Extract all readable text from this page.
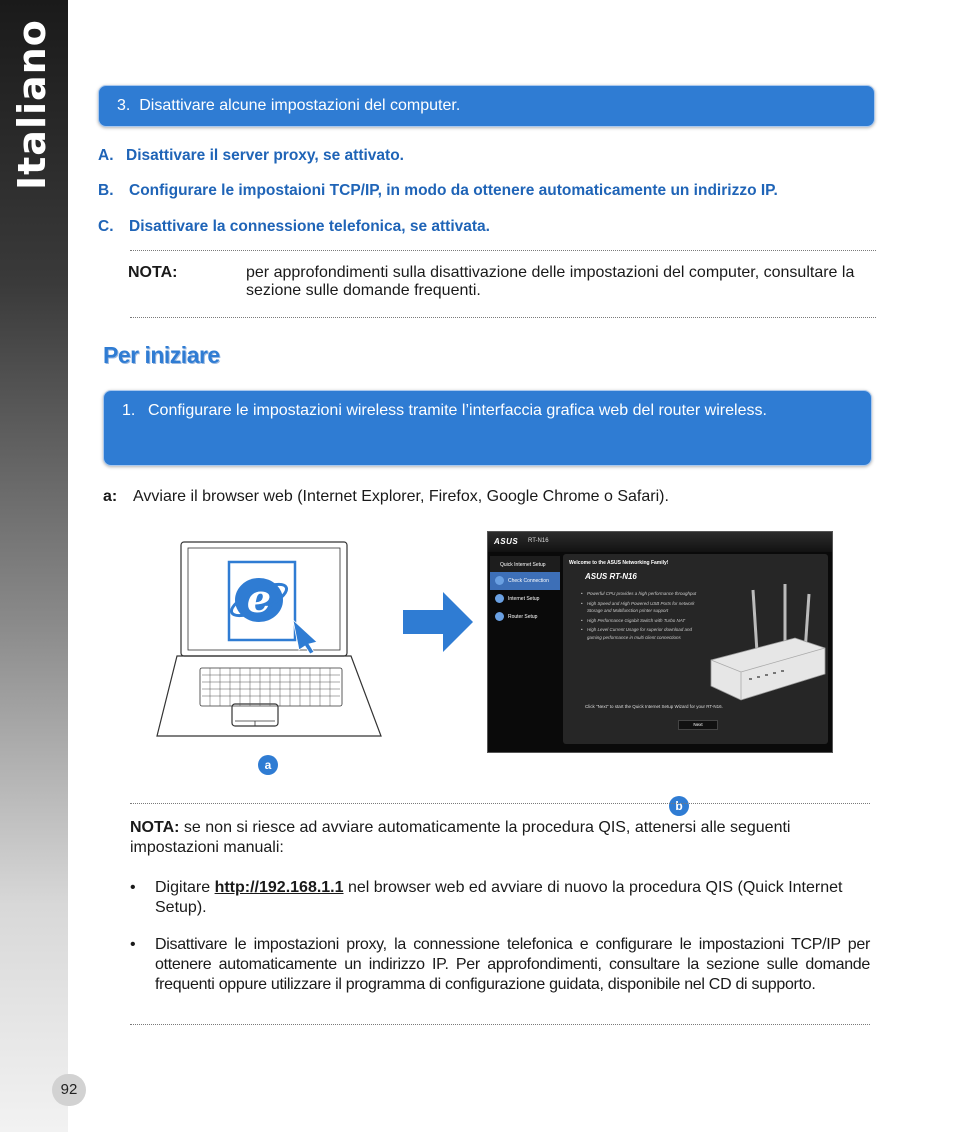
Italiano	3. Disattivare alcune impostazioni del computer.
A. Disattivare il server proxy, se attivato.
B.	Configurare le impostaioni TCP/IP, in modo da ottenere automaticamente un indirizzo IP.
C.	Disattivare la connessione telefonica, se attivata.
NOTA:	per approfondimenti sulla disattivazione delle impostazioni del computer, consultare la sezione sulle domande frequenti.
Per iniziare
1. Configurare le impostazioni wireless tramite l’interfaccia grafica web del router wireless.
a: Avviare il browser web (Internet Explorer, Firefox, Google Chrome o Safari).
e
ASUS RT-N16
Quick Internet Setup
Check Connection
Internet Setup
Router Setup
Welcome to the ASUS Networking Family!
ASUS RT-N16
• Powerful CPU provides a high performance throughput
• High Speed and High Powered USB Ports for network Storage and Multifunction printer support
• High Performance Gigabit Switch with Turbo NAT
• High Level Current Usage for superior download and gaming performance in multi client connections
Click "Next" to start the Quick Internet Setup Wizard for your RT-N16.
Next
a
b
NOTA: se non si riesce ad avviare automaticamente la procedura QIS, attenersi alle seguenti impostazioni manuali:
•	Digitare http://192.168.1.1 nel browser web ed avviare di nuovo la procedura QIS (Quick Internet Setup).
•	Disattivare le impostazioni proxy, la connessione telefonica e configurare le impostazioni TCP/IP per ottenere automaticamente un indirizzo IP. Per approfondimenti, consultare la sezione sulle domande frequenti oppure utilizzare il programma di configurazione guidata, disponibile nel CD di supporto.
92
